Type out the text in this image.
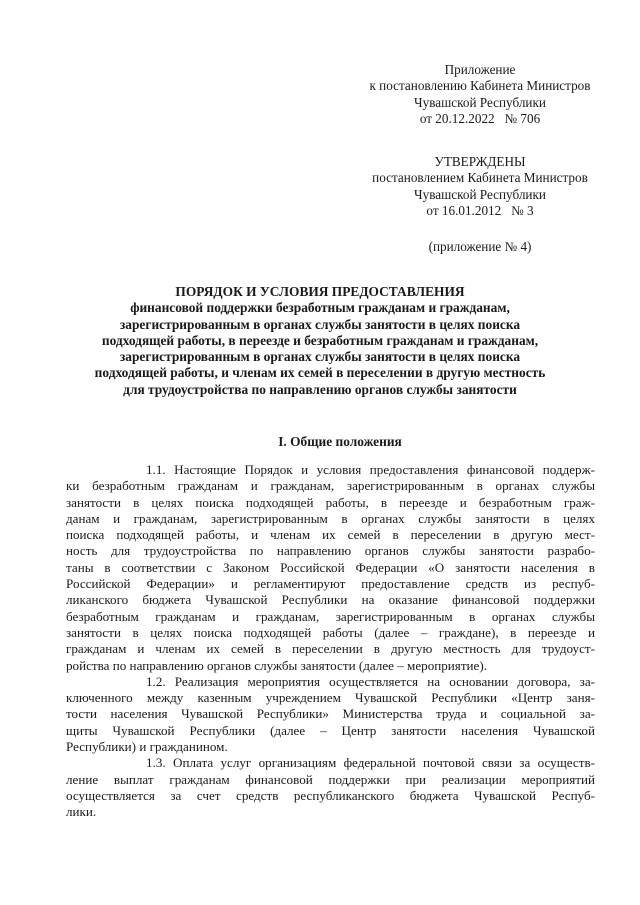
Приложение
к постановлению Кабинета Министров
Чувашской Республики
от 20.12.2022   № 706
УТВЕРЖДЕНЫ
постановлением Кабинета Министров
Чувашской Республики
от 16.01.2012   № 3
(приложение № 4)
ПОРЯДОК И УСЛОВИЯ ПРЕДОСТАВЛЕНИЯ
финансовой поддержки безработным гражданам и гражданам,
зарегистрированным в органах службы занятости в целях поиска
подходящей работы, в переезде и безработным гражданам и гражданам,
зарегистрированным в органах службы занятости в целях поиска
подходящей работы, и членам их семей в переселении в другую местность
для трудоустройства по направлению органов службы занятости
I. Общие положения
1.1. Настоящие Порядок и условия предоставления финансовой поддерж-
ки безработным гражданам и гражданам, зарегистрированным в органах службы
занятости в целях поиска подходящей работы, в переезде и безработным граж-
данам и гражданам, зарегистрированным в органах службы занятости в целях
поиска подходящей работы, и членам их семей в переселении в другую мест-
ность для трудоустройства по направлению органов службы занятости разрабо-
таны в соответствии с Законом Российской Федерации «О занятости населения в
Российской Федерации» и регламентируют предоставление средств из респуб-
ликанского бюджета Чувашской Республики на оказание финансовой поддержки
безработным гражданам и гражданам, зарегистрированным в органах службы
занятости в целях поиска подходящей работы (далее – граждане), в переезде и
гражданам и членам их семей в переселении в другую местность для трудоуст-
ройства по направлению органов службы занятости (далее – мероприятие).
1.2. Реализация мероприятия осуществляется на основании договора, за-
ключенного между казенным учреждением Чувашской Республики «Центр заня-
тости населения Чувашской Республики» Министерства труда и социальной за-
щиты Чувашской Республики (далее – Центр занятости населения Чувашской
Республики) и гражданином.
1.3. Оплата услуг организациям федеральной почтовой связи за осуществ-
ление выплат гражданам финансовой поддержки при реализации мероприятий
осуществляется за счет средств республиканского бюджета Чувашской Респуб-
лики.
